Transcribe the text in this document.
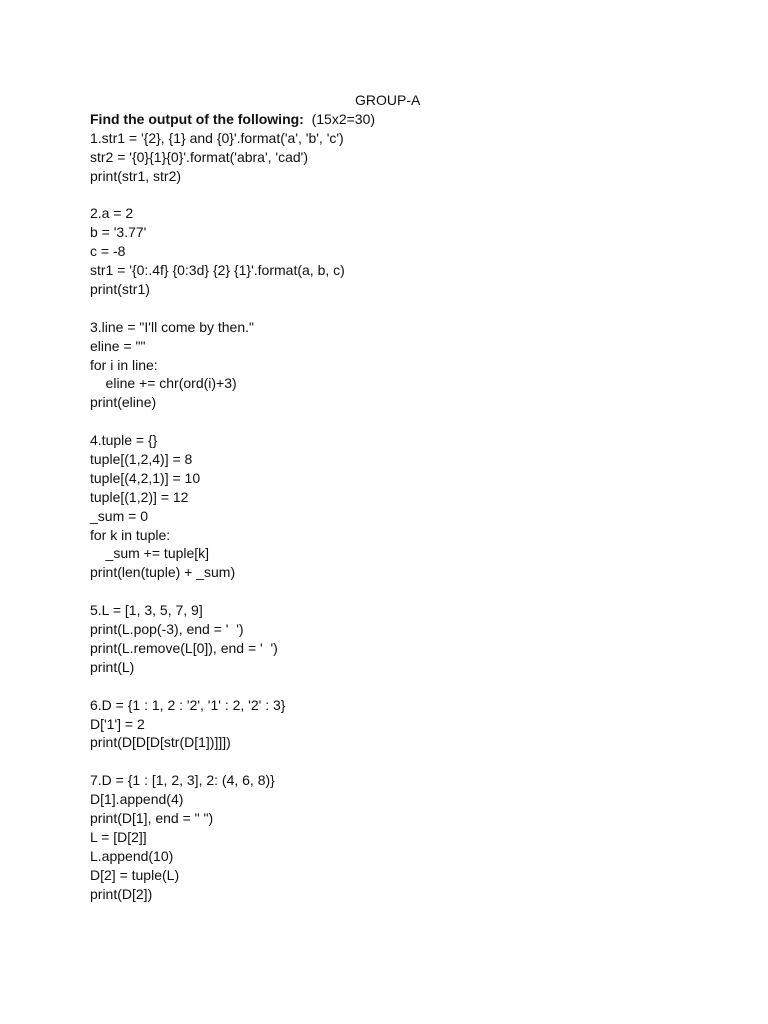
GROUP-A
Find the output of the following: (15x2=30)
1.str1 = '{2}, {1} and {0}'.format('a', 'b', 'c')
str2 = '{0}{1}{0}'.format('abra', 'cad')
print(str1, str2)
2.a = 2
b = '3.77'
c = -8
str1 = '{0:.4f} {0:3d} {2} {1}'.format(a, b, c)
print(str1)
3.line = "I'll come by then."
eline = ""
for i in line:
eline += chr(ord(i)+3)
print(eline)
4.tuple = {}
tuple[(1,2,4)] = 8
tuple[(4,2,1)] = 10
tuple[(1,2)] = 12
_sum = 0
for k in tuple:
_sum += tuple[k]
print(len(tuple) + _sum)
5.L = [1, 3, 5, 7, 9]
print(L.pop(-3), end = '  ')
print(L.remove(L[0]), end = '  ')
print(L)
6.D = {1 : 1, 2 : '2', '1' : 2, '2' : 3}
D['1'] = 2
print(D[D[D[str(D[1])]]])
7.D = {1 : [1, 2, 3], 2: (4, 6, 8)}
D[1].append(4)
print(D[1], end = " ")
L = [D[2]]
L.append(10)
D[2] = tuple(L)
print(D[2])
